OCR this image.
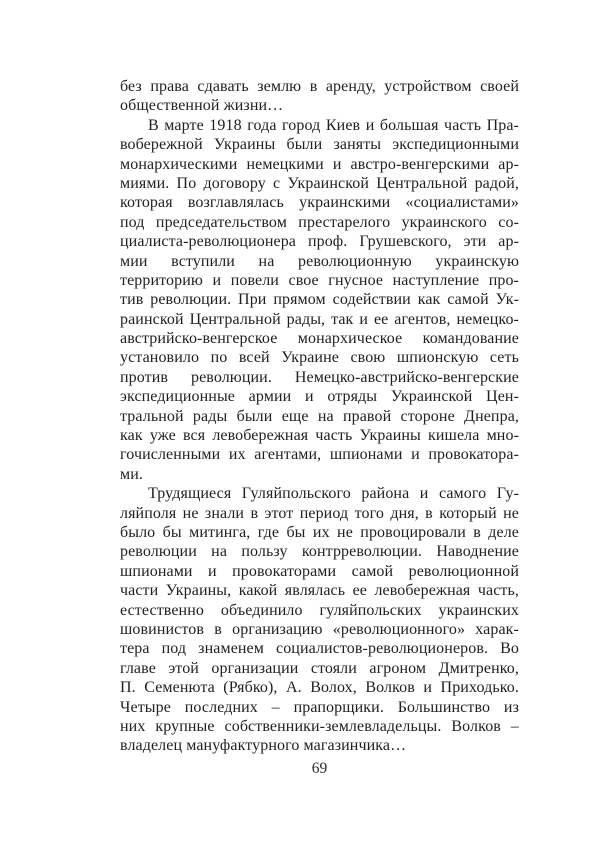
без права сдавать землю в аренду, устройством своей
общественной жизни…
В марте 1918 года город Киев и большая часть Пра-
вобережной Украины были заняты экспедиционными
монархическими немецкими и австро-венгерскими ар-
миями. По договору с Украинской Центральной радой,
которая возглавлялась украинскими «социалистами»
под председательством престарелого украинского со-
циалиста-революционера проф. Грушевского, эти ар-
мии вступили на революционную украинскую
территорию и повели свое гнусное наступление про-
тив революции. При прямом содействии как самой Ук-
раинской Центральной рады, так и ее агентов, немецко-
австрийско-венгерское монархическое командование
установило по всей Украине свою шпионскую сеть
против революции. Немецко-австрийско-венгерские
экспедиционные армии и отряды Украинской Цен-
тральной рады были еще на правой стороне Днепра,
как уже вся левобережная часть Украины кишела мно-
гочисленными их агентами, шпионами и провокатора-
ми.
Трудящиеся Гуляйпольского района и самого Гу-
ляйполя не знали в этот период того дня, в который не
было бы митинга, где бы их не провоцировали в деле
революции на пользу контрреволюции. Наводнение
шпионами и провокаторами самой революционной
части Украины, какой являлась ее левобережная часть,
естественно объединило гуляйпольских украинских
шовинистов в организацию «революционного» харак-
тера под знаменем социалистов-революционеров. Во
главе этой организации стояли агроном Дмитренко,
П. Семенюта (Рябко), А. Волох, Волков и Приходько.
Четыре последних – прапорщики. Большинство из
них крупные собственники-землевладельцы. Волков –
владелец мануфактурного магазинчика…
69
